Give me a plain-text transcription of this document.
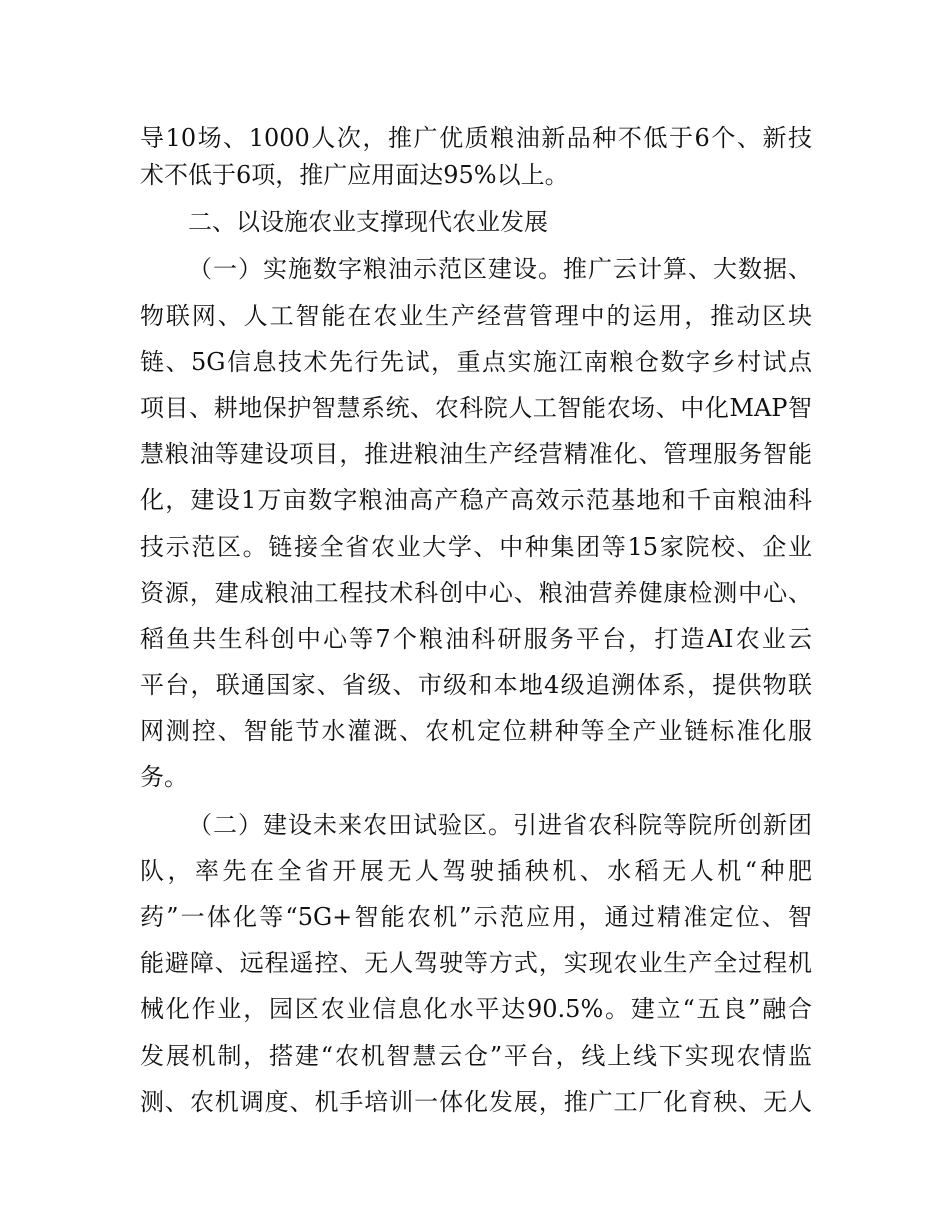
导10场、1000人次，推广优质粮油新品种不低于6个、新技
术不低于6项，推广应用面达95%以上。
二、以设施农业支撑现代农业发展
（一）实施数字粮油示范区建设。推广云计算、大数据、
物联网、人工智能在农业生产经营管理中的运用，推动区块
链、5G信息技术先行先试，重点实施江南粮仓数字乡村试点
项目、耕地保护智慧系统、农科院人工智能农场、中化MAP智
慧粮油等建设项目，推进粮油生产经营精准化、管理服务智能
化，建设1万亩数字粮油高产稳产高效示范基地和千亩粮油科
技示范区。链接全省农业大学、中种集团等15家院校、企业
资源，建成粮油工程技术科创中心、粮油营养健康检测中心、
稻鱼共生科创中心等7个粮油科研服务平台，打造AI农业云
平台，联通国家、省级、市级和本地4级追溯体系，提供物联
网测控、智能节水灌溉、农机定位耕种等全产业链标准化服
务。
（二）建设未来农田试验区。引进省农科院等院所创新团
队，率先在全省开展无人驾驶插秧机、水稻无人机“种肥
药”一体化等“5G+智能农机”示范应用，通过精准定位、智
能避障、远程遥控、无人驾驶等方式，实现农业生产全过程机
械化作业，园区农业信息化水平达90.5%。建立“五良”融合
发展机制，搭建“农机智慧云仓”平台，线上线下实现农情监
测、农机调度、机手培训一体化发展，推广工厂化育秧、无人
